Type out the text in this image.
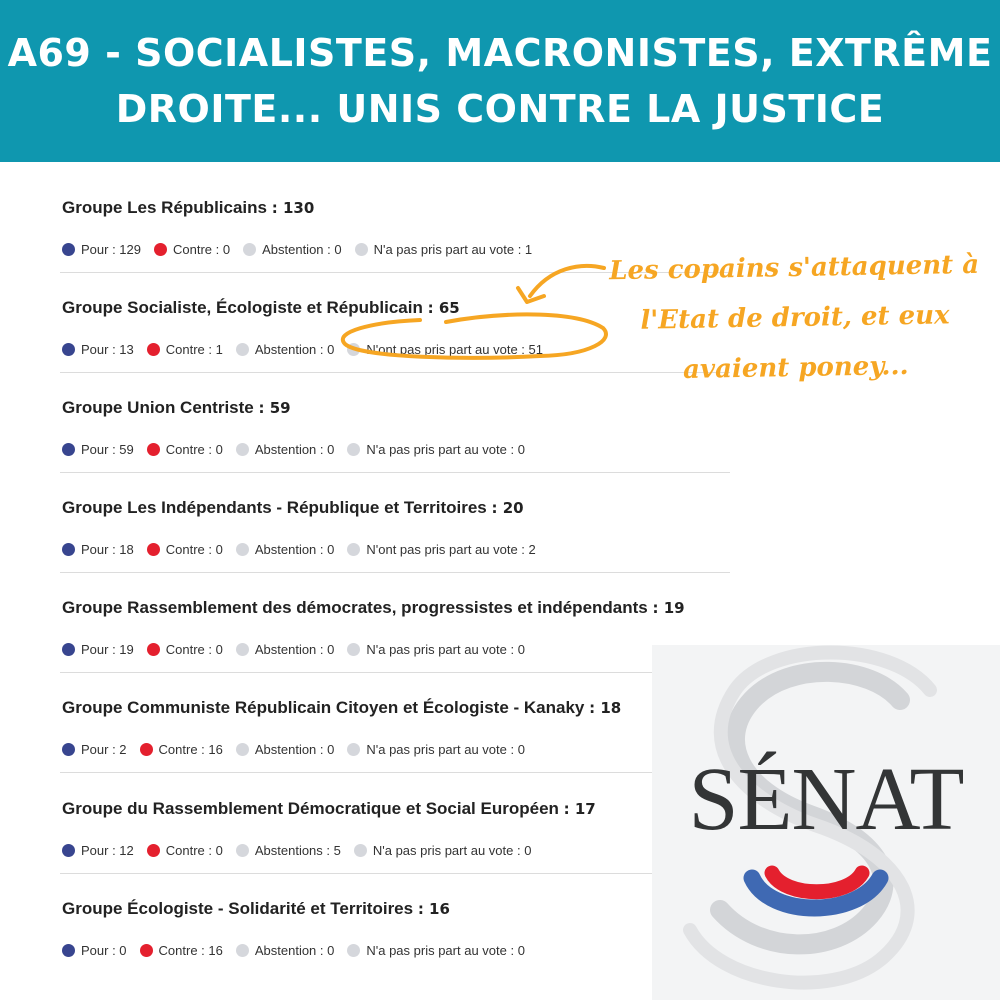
A69 - SOCIALISTES, MACRONISTES, EXTRÊME
DROITE... UNIS CONTRE LA JUSTICE
Groupe Les Républicains : 130
Pour : 129 Contre : 0 Abstention : 0 N'a pas pris part au vote : 1
Groupe Socialiste, Écologiste et Républicain : 65
Pour : 13 Contre : 1 Abstention : 0 N'ont pas pris part au vote : 51
Groupe Union Centriste : 59
Pour : 59 Contre : 0 Abstention : 0 N'a pas pris part au vote : 0
Groupe Les Indépendants - République et Territoires : 20
Pour : 18 Contre : 0 Abstention : 0 N'ont pas pris part au vote : 2
Groupe Rassemblement des démocrates, progressistes et indépendants : 19
Pour : 19 Contre : 0 Abstention : 0 N'a pas pris part au vote : 0
Groupe Communiste Républicain Citoyen et Écologiste - Kanaky : 18
Pour : 2 Contre : 16 Abstention : 0 N'a pas pris part au vote : 0
Groupe du Rassemblement Démocratique et Social Européen : 17
Pour : 12 Contre : 0 Abstentions : 5 N'a pas pris part au vote : 0
Groupe Écologiste - Solidarité et Territoires : 16
Pour : 0 Contre : 16 Abstention : 0 N'a pas pris part au vote : 0
Les copains s'attaquent à
l'Etat de droit, et eux
avaient poney...
SÉNAT
